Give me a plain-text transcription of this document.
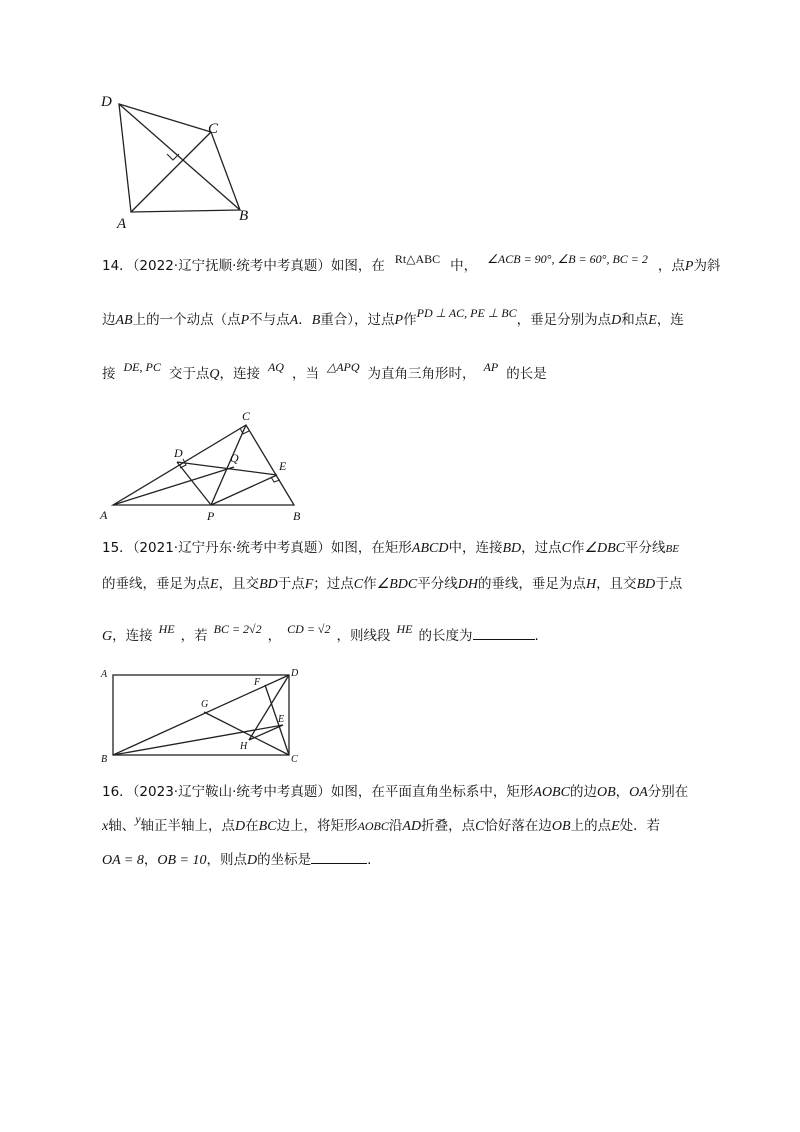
D
C
A	B
14．（2022·辽宁抚顺·统考中考真题）如图，在 Rt△ABC 中， ∠ACB = 90°, ∠B = 60°, BC = 2 ，点P为斜
边AB上的一个动点（点P不与点A．B重合），过点P作PD ⊥ AC, PE ⊥ BC，垂足分别为点D和点E，连
接 DE, PC 交于点Q，连接 AQ ，当 △APQ 为直角三角形时， AP 的长是
C
D	Q
E
A	P	B
15．（2021·辽宁丹东·统考中考真题）如图，在矩形ABCD中，连接BD，过点C作∠DBC平分线BE
的垂线，垂足为点E，且交BD于点F；过点C作∠BDC平分线DH的垂线，垂足为点H，且交BD于点
G，连接 HE ，若 BC = 2√2 ， CD = √2 ，则线段 HE 的长度为	.
A	D
F
G
E
H
B	C
16．（2023·辽宁鞍山·统考中考真题）如图，在平面直角坐标系中，矩形AOBC的边OB，OA分别在
x轴、y轴正半轴上，点D在BC边上，将矩形AOBC沿AD折叠，点C恰好落在边OB上的点E处．若
OA = 8，OB = 10，则点D的坐标是	.
